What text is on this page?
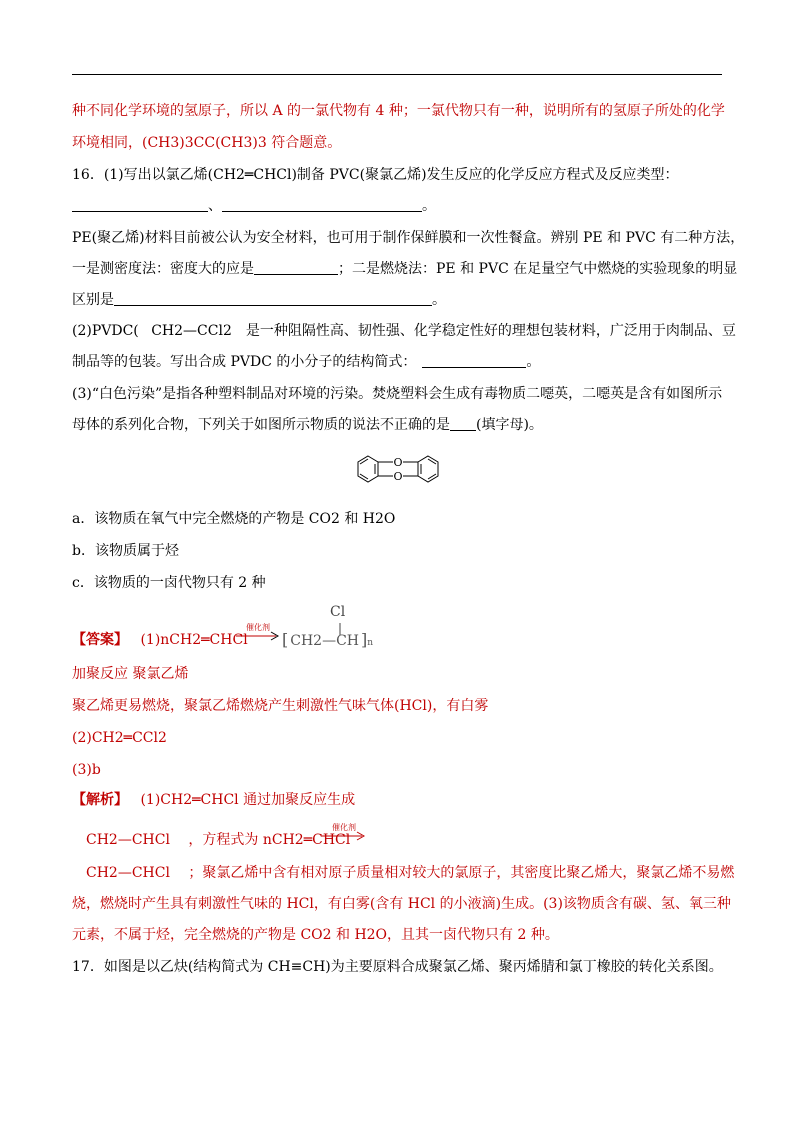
种不同化学环境的氢原子，所以 A 的一氯代物有 4 种；一氯代物只有一种，说明所有的氢原子所处的化学
环境相同，(CH3)3CC(CH3)3 符合题意。
16．(1)写出以氯乙烯(CH2═CHCl)制备 PVC(聚氯乙烯)发生反应的化学反应方程式及反应类型：
、	。
PE(聚乙烯)材料目前被公认为安全材料，也可用于制作保鲜膜和一次性餐盒。辨别 PE 和 PVC 有二种方法，
一是测密度法：密度大的应是	；二是燃烧法：PE 和 PVC 在足量空气中燃烧的实验现象的明显
区别是	。
(2)PVDC( CH2—CCl2 是一种阻隔性高、韧性强、化学稳定性好的理想包装材料，广泛用于肉制品、豆
制品等的包装。写出合成 PVDC 的小分子的结构简式：	。
(3)“白色污染”是指各种塑料制品对环境的污染。焚烧塑料会生成有毒物质二噁英，二噁英是含有如图所示
母体的系列化合物，下列关于如图所示物质的说法不正确的是 (填字母)。
O
O
a．该物质在氧气中完全燃烧的产物是 CO2 和 H2O
b．该物质属于烃
c．该物质的一卤代物只有 2 种
【答案】 (1)nCH2═CHCl
催化剂
Cl
[ CH2—CH ]n
加聚反应 聚氯乙烯
聚乙烯更易燃烧，聚氯乙烯燃烧产生刺激性气味气体(HCl)，有白雾
(2)CH2═CCl2
(3)b
【解析】 (1)CH2═CHCl 通过加聚反应生成
CH2—CHCl ，方程式为 nCH2═CHCl
催化剂
CH2—CHCl ；聚氯乙烯中含有相对原子质量相对较大的氯原子，其密度比聚乙烯大，聚氯乙烯不易燃
烧，燃烧时产生具有刺激性气味的 HCl，有白雾(含有 HCl 的小液滴)生成。(3)该物质含有碳、氢、氧三种
元素，不属于烃，完全燃烧的产物是 CO2 和 H2O，且其一卤代物只有 2 种。
17．如图是以乙炔(结构简式为 CH≡CH)为主要原料合成聚氯乙烯、聚丙烯腈和氯丁橡胶的转化关系图。
